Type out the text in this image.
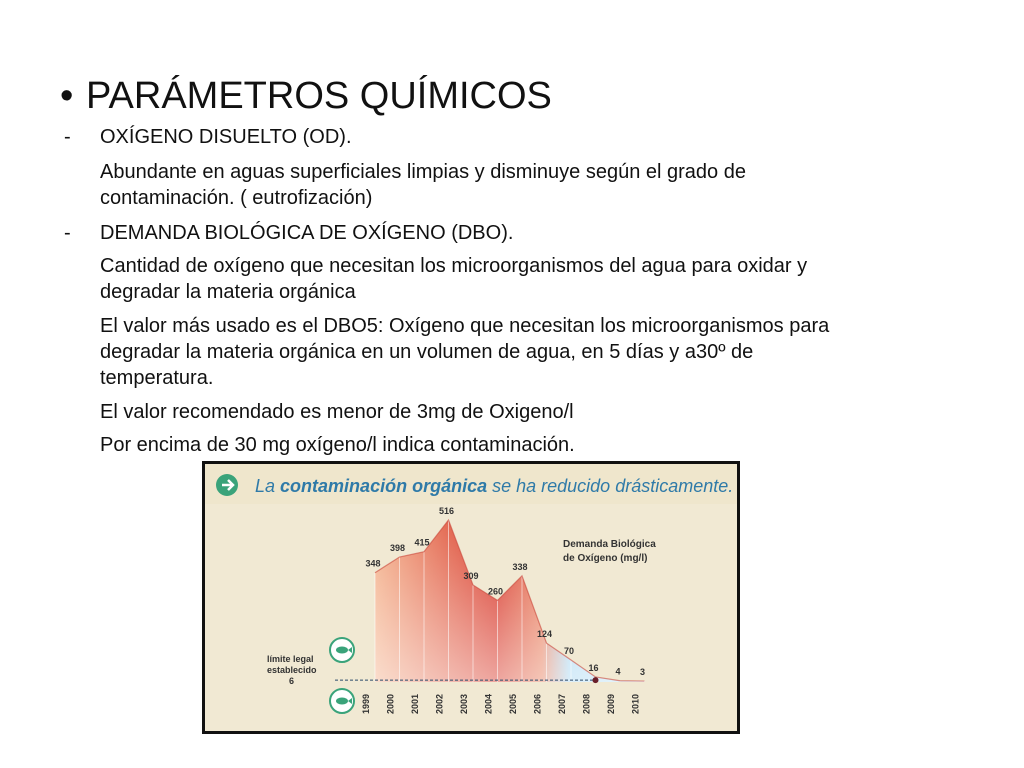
• PARÁMETROS QUÍMICOS
- OXÍGENO DISUELTO (OD).
Abundante en aguas superficiales limpias y disminuye según el grado de
contaminación. ( eutrofización)
- DEMANDA BIOLÓGICA DE OXÍGENO (DBO).
Cantidad de oxígeno que necesitan los microorganismos del agua para oxidar y
degradar la materia orgánica
El valor más usado es el DBO5: Oxígeno que necesitan los microorganismos para
degradar la materia orgánica en un volumen de agua, en 5 días y a30º de
temperatura.
El valor recomendado es menor de 3mg de Oxigeno/l
Por encima de 30 mg oxígeno/l indica contaminación.
La contaminación orgánica se ha reducido drásticamente.
348
398
415
516
309
260
338
124
70
16 4 3
Demanda Biológica
de Oxígeno (mg/l)
límite legal
establecido
6
1999 2000 2001 2002 2003 2004 2005 2006 2007 2008 2009 2010
